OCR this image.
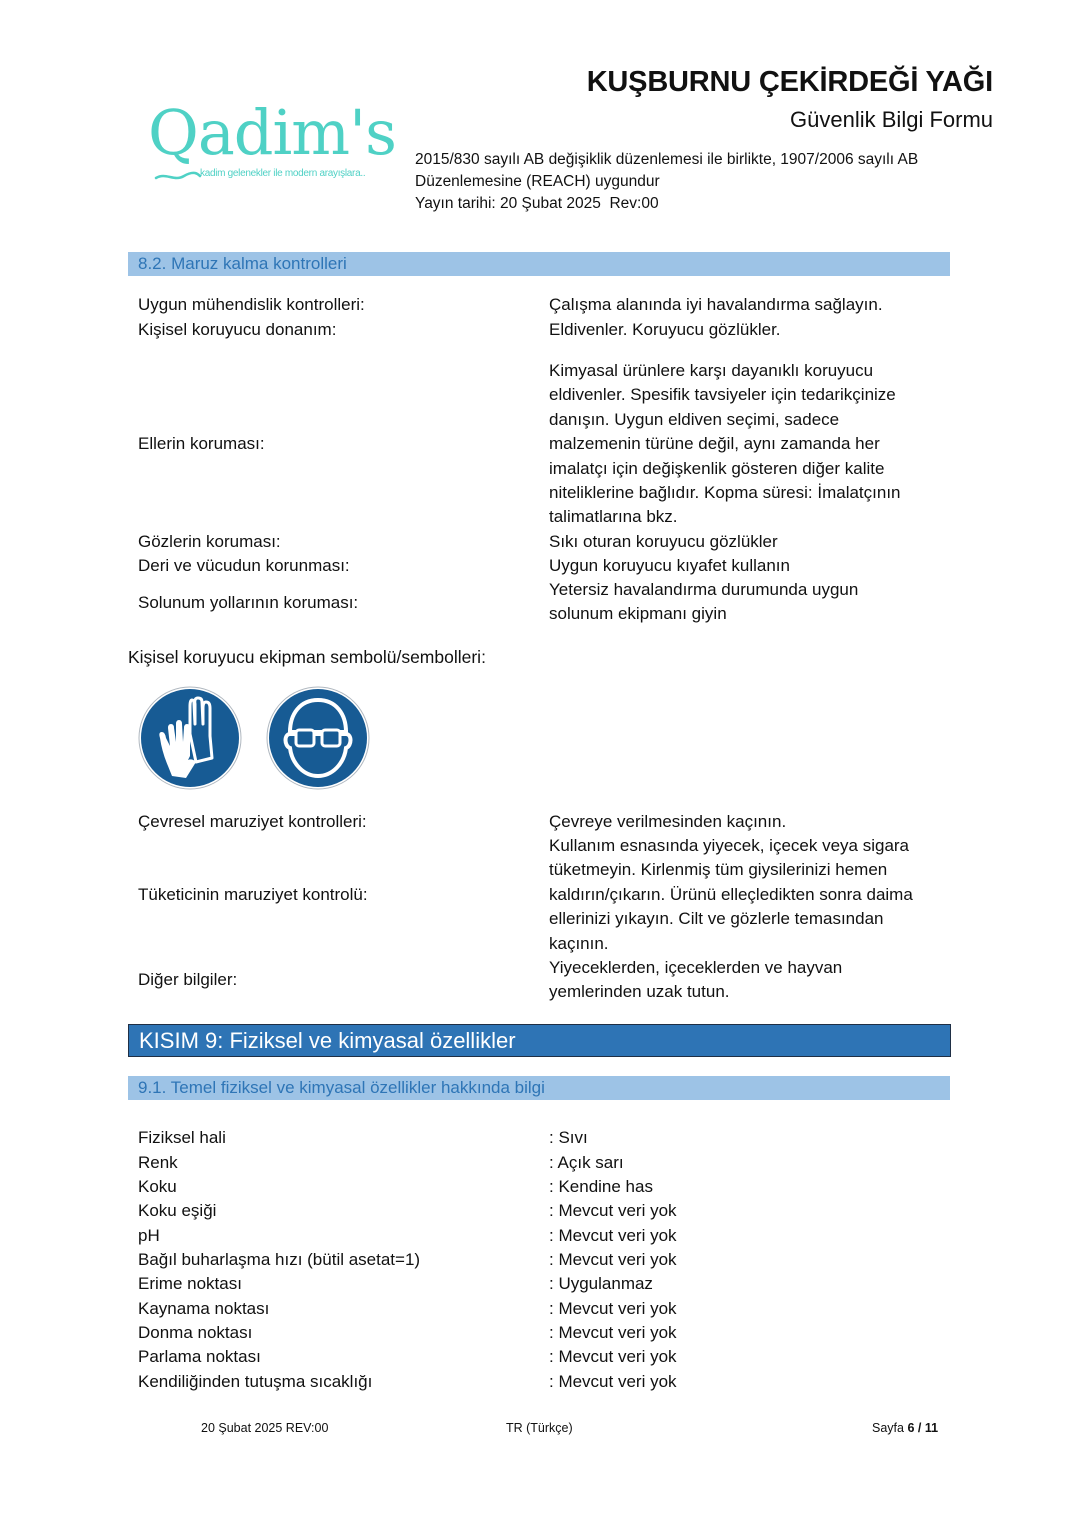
Qadim's
kadim gelenekler ile modern arayışlara..
KUŞBURNU ÇEKİRDEĞİ YAĞI
Güvenlik Bilgi Formu
2015/830 sayılı AB değişiklik düzenlemesi ile birlikte, 1907/2006 sayılı AB
Düzenlemesine (REACH) uygundur
Yayın tarihi: 20 Şubat 2025  Rev:00
8.2. Maruz kalma kontrolleri
Uygun mühendislik kontrolleri:	Çalışma alanında iyi havalandırma sağlayın.
Kişisel koruyucu donanım:	Eldivenler. Koruyucu gözlükler.
Ellerin koruması:
Kimyasal ürünlere karşı dayanıklı koruyucu eldivenler. Spesifik tavsiyeler için tedarikçinize danışın. Uygun eldiven seçimi, sadece malzemenin türüne değil, aynı zamanda her imalatçı için değişkenlik gösteren diğer kalite niteliklerine bağlıdır. Kopma süresi: İmalatçının talimatlarına bkz.
Gözlerin koruması:	Sıkı oturan koruyucu gözlükler
Deri ve vücudun korunması:	Uygun koruyucu kıyafet kullanın
Solunum yollarının koruması:
Yetersiz havalandırma durumunda uygun solunum ekipmanı giyin
Kişisel koruyucu ekipman sembolü/sembolleri:
Çevresel maruziyet kontrolleri:	Çevreye verilmesinden kaçının.
Tüketicinin maruziyet kontrolü:
Kullanım esnasında yiyecek, içecek veya sigara tüketmeyin. Kirlenmiş tüm giysilerinizi hemen kaldırın/çıkarın. Ürünü elleçledikten sonra daima ellerinizi yıkayın. Cilt ve gözlerle temasından kaçının.
Diğer bilgiler:
Yiyeceklerden, içeceklerden ve hayvan yemlerinden uzak tutun.
KISIM 9: Fiziksel ve kimyasal özellikler
9.1. Temel fiziksel ve kimyasal özellikler hakkında bilgi
Fiziksel hali	: Sıvı
Renk	: Açık sarı
Koku	: Kendine has
Koku eşiği	: Mevcut veri yok
pH	: Mevcut veri yok
Bağıl buharlaşma hızı (bütil asetat=1)	: Mevcut veri yok
Erime noktası	: Uygulanmaz
Kaynama noktası	: Mevcut veri yok
Donma noktası	: Mevcut veri yok
Parlama noktası	: Mevcut veri yok
Kendiliğinden tutuşma sıcaklığı	: Mevcut veri yok
20 Şubat 2025 REV:00	TR (Türkçe)	Sayfa 6 / 11
